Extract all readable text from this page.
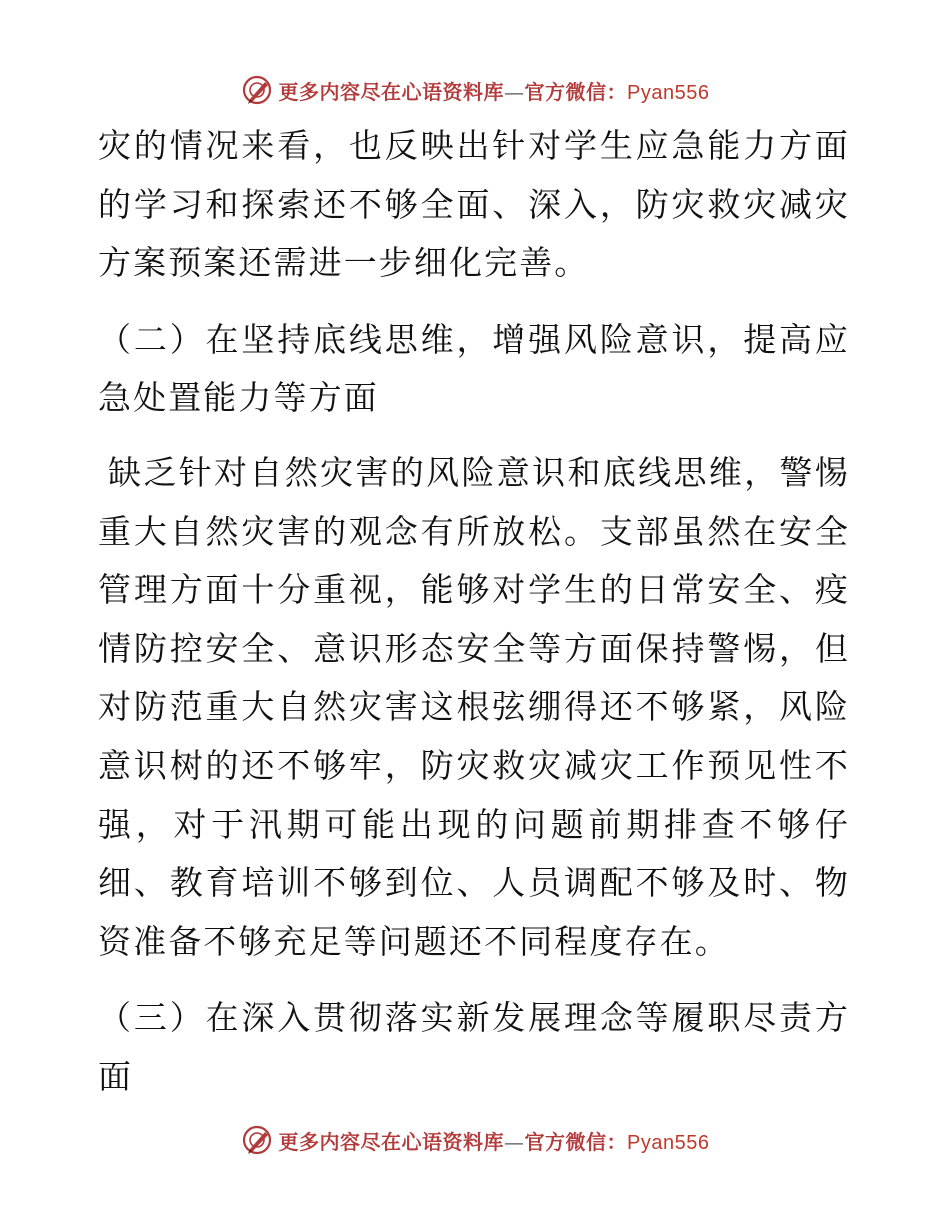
更多内容尽在心语资料库—官方微信：Pyan556

灾的情况来看，也反映出针对学生应急能力方面的学习和探索还不够全面、深入，防灾救灾减灾方案预案还需进一步细化完善。

（二）在坚持底线思维，增强风险意识，提高应急处置能力等方面

缺乏针对自然灾害的风险意识和底线思维，警惕重大自然灾害的观念有所放松。支部虽然在安全管理方面十分重视，能够对学生的日常安全、疫情防控安全、意识形态安全等方面保持警惕，但对防范重大自然灾害这根弦绷得还不够紧，风险意识树的还不够牢，防灾救灾减灾工作预见性不强，对于汛期可能出现的问题前期排查不够仔细、教育培训不够到位、人员调配不够及时、物资准备不够充足等问题还不同程度存在。

（三）在深入贯彻落实新发展理念等履职尽责方面

更多内容尽在心语资料库—官方微信：Pyan556
